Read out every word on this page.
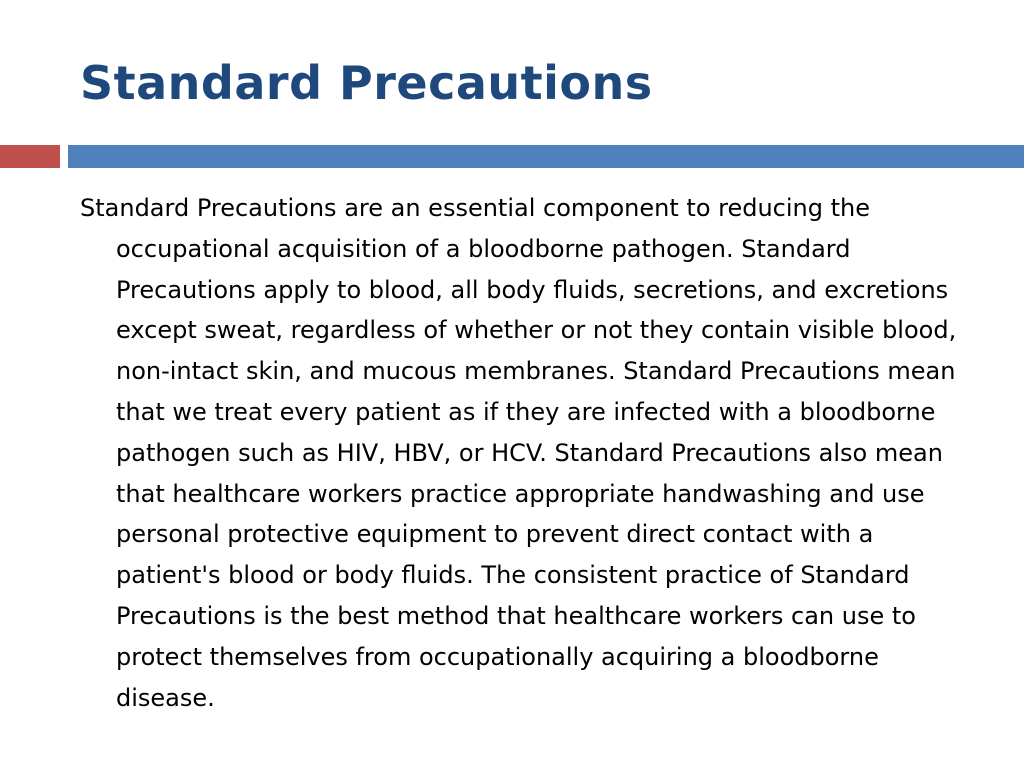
Standard Precautions

Standard Precautions are an essential component to reducing the occupational acquisition of a bloodborne pathogen. Standard Precautions apply to blood, all body fluids, secretions, and excretions except sweat, regardless of whether or not they contain visible blood, non-intact skin, and mucous membranes. Standard Precautions mean that we treat every patient as if they are infected with a bloodborne pathogen such as HIV, HBV, or HCV. Standard Precautions also mean that healthcare workers practice appropriate handwashing and use personal protective equipment to prevent direct contact with a patient's blood or body fluids. The consistent practice of Standard Precautions is the best method that healthcare workers can use to protect themselves from occupationally acquiring a bloodborne disease.
